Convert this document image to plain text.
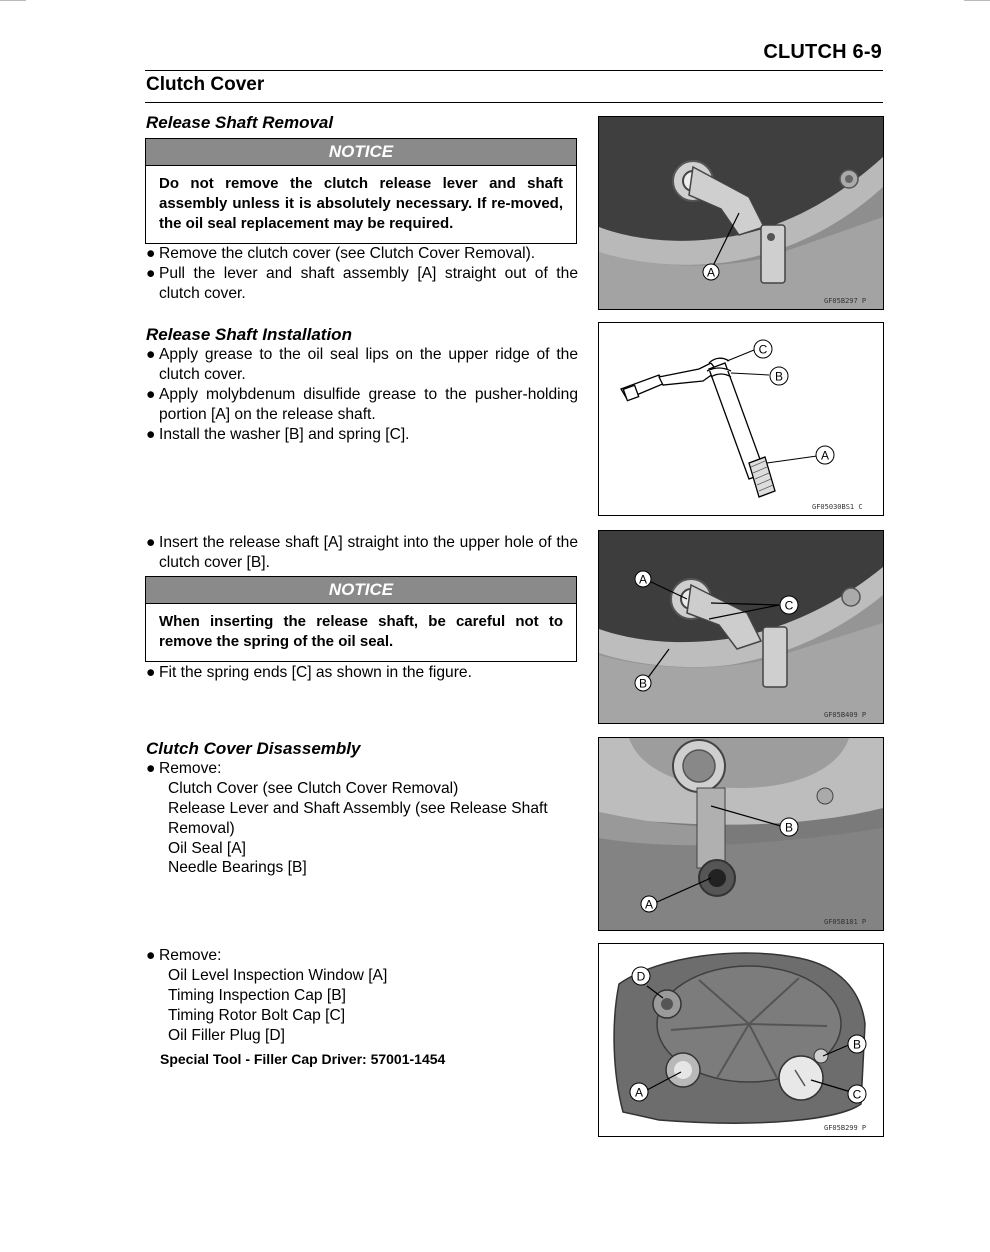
CLUTCH 6-9
Clutch Cover
Release Shaft Removal
NOTICE
Do not remove the clutch release lever and shaft assembly unless it is absolutely necessary. If re-moved, the oil seal replacement may be required.
● Remove the clutch cover (see Clutch Cover Removal).
● Pull the lever and shaft assembly [A] straight out of the clutch cover.
Release Shaft Installation
● Apply grease to the oil seal lips on the upper ridge of the clutch cover.
● Apply molybdenum disulfide grease to the pusher-holding portion [A] on the release shaft.
● Install the washer [B] and spring [C].
● Insert the release shaft [A] straight into the upper hole of the clutch cover [B].
NOTICE
When inserting the release shaft, be careful not to remove the spring of the oil seal.
● Fit the spring ends [C] as shown in the figure.
Clutch Cover Disassembly
● Remove:
Clutch Cover (see Clutch Cover Removal)
Release Lever and Shaft Assembly (see Release Shaft
Removal)
Oil Seal [A]
Needle Bearings [B]
● Remove:
Oil Level Inspection Window [A]
Timing Inspection Cap [B]
Timing Rotor Bolt Cap [C]
Oil Filler Plug [D]
Special Tool - Filler Cap Driver: 57001-1454
A
GF05B297 P
C
B
A
GF05030BS1 C
A
C
B
GF05B409 P
B
A
GF05B181 P
D
B
A	C
GF05B299 P
